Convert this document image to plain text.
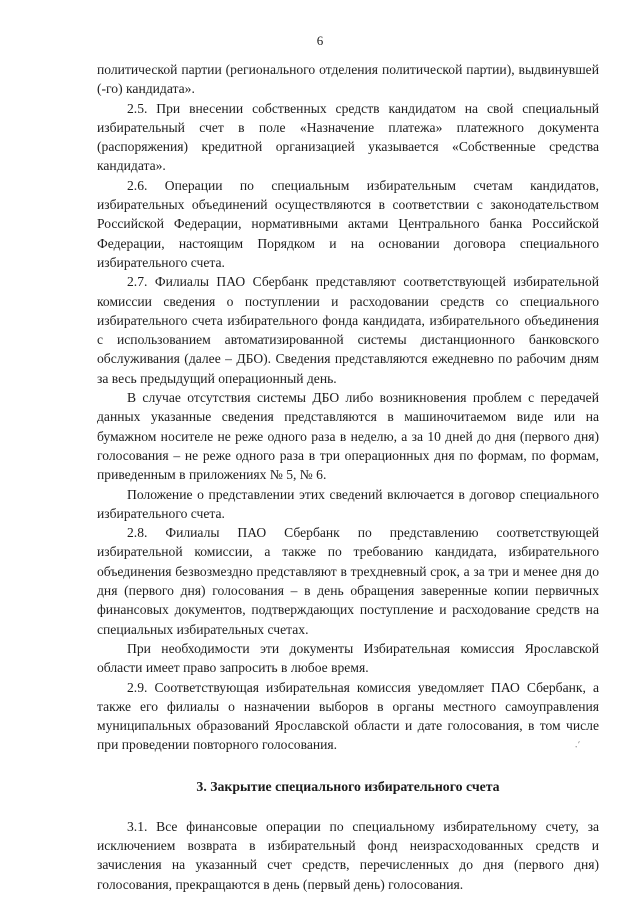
6

политической партии (регионального отделения политической партии), выдвинувшей (-го) кандидата».

2.5. При внесении собственных средств кандидатом на свой специальный избирательный счет в поле «Назначение платежа» платежного документа (распоряжения) кредитной организацией указывается «Собственные средства кандидата».

2.6. Операции по специальным избирательным счетам кандидатов, избирательных объединений осуществляются в соответствии с законодательством Российской Федерации, нормативными актами Центрального банка Российской Федерации, настоящим Порядком и на основании договора специального избирательного счета.

2.7. Филиалы ПАО Сбербанк представляют соответствующей избирательной комиссии сведения о поступлении и расходовании средств со специального избирательного счета избирательного фонда кандидата, избирательного объединения с использованием автоматизированной системы дистанционного банковского обслуживания (далее – ДБО). Сведения представляются ежедневно по рабочим дням за весь предыдущий операционный день.

В случае отсутствия системы ДБО либо возникновения проблем с передачей данных указанные сведения представляются в машиночитаемом виде или на бумажном носителе не реже одного раза в неделю, а за 10 дней до дня (первого дня) голосования – не реже одного раза в три операционных дня по формам, по формам, приведенным в приложениях № 5, № 6.

Положение о представлении этих сведений включается в договор специального избирательного счета.

2.8. Филиалы ПАО Сбербанк по представлению соответствующей избирательной комиссии, а также по требованию кандидата, избирательного объединения безвозмездно представляют в трехдневный срок, а за три и менее дня до дня (первого дня) голосования – в день обращения заверенные копии первичных финансовых документов, подтверждающих поступление и расходование средств на специальных избирательных счетах.

При необходимости эти документы Избирательная комиссия Ярославской области имеет право запросить в любое время.

2.9. Соответствующая избирательная комиссия уведомляет ПАО Сбербанк, а также его филиалы о назначении выборов в органы местного самоуправления муниципальных образований Ярославской области и дате голосования, в том числе при проведении повторного голосования.

3. Закрытие специального избирательного счета

3.1. Все финансовые операции по специальному избирательному счету, за исключением возврата в избирательный фонд неизрасходованных средств и зачисления на указанный счет средств, перечисленных до дня (первого дня) голосования, прекращаются в день (первый день) голосования.

·´
